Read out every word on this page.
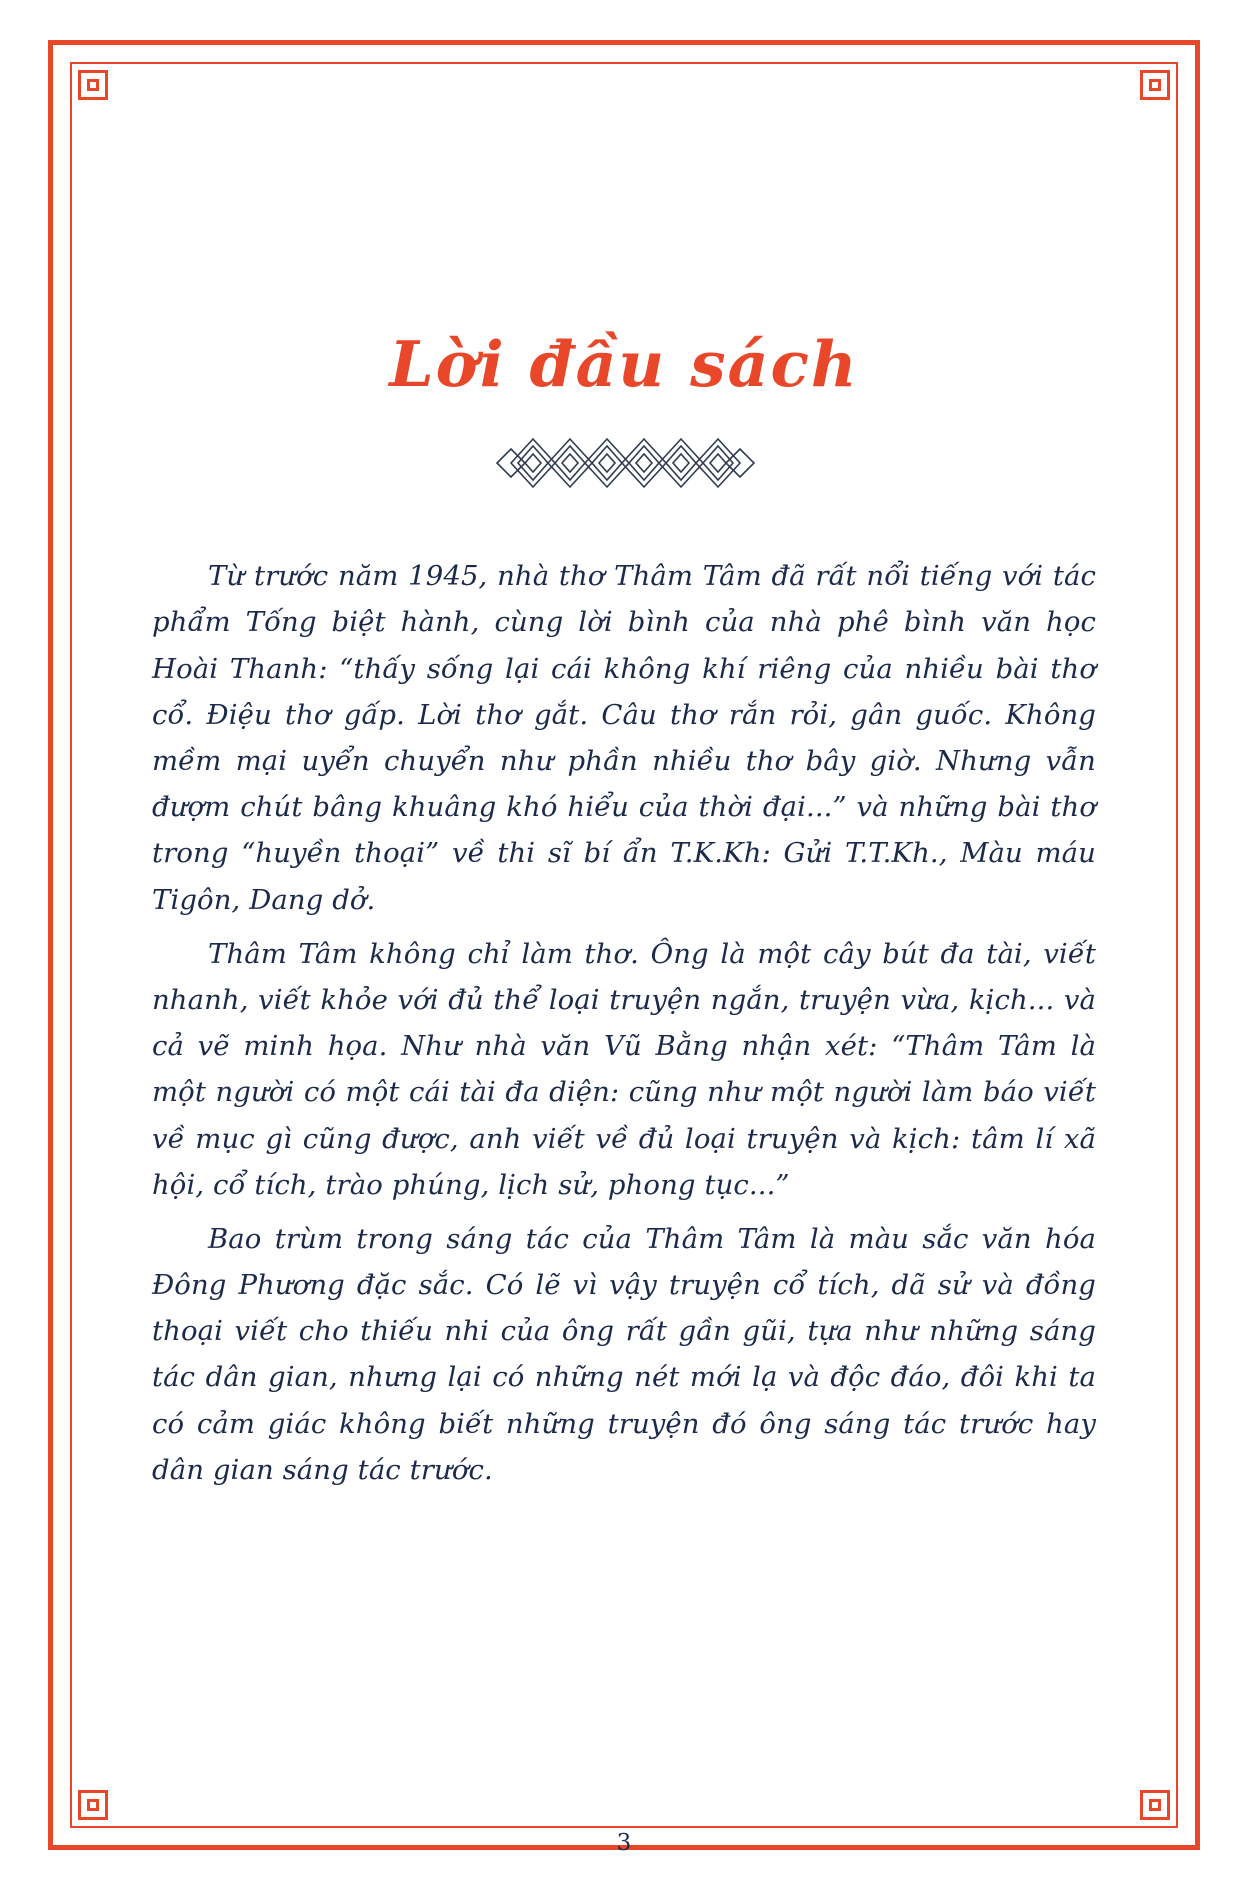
Lời đầu sách

Từ trước năm 1945, nhà thơ Thâm Tâm đã rất nổi tiếng với tác phẩm Tống biệt hành, cùng lời bình của nhà phê bình văn học Hoài Thanh: “thấy sống lại cái không khí riêng của nhiều bài thơ cổ. Điệu thơ gấp. Lời thơ gắt. Câu thơ rắn rỏi, gân guốc. Không mềm mại uyển chuyển như phần nhiều thơ bây giờ. Nhưng vẫn đượm chút bâng khuâng khó hiểu của thời đại...” và những bài thơ trong “huyền thoại” về thi sĩ bí ẩn T.K.Kh: Gửi T.T.Kh., Màu máu Tigôn, Dang dở.

Thâm Tâm không chỉ làm thơ. Ông là một cây bút đa tài, viết nhanh, viết khỏe với đủ thể loại truyện ngắn, truyện vừa, kịch... và cả vẽ minh họa. Như nhà văn Vũ Bằng nhận xét: “Thâm Tâm là một người có một cái tài đa diện: cũng như một người làm báo viết về mục gì cũng được, anh viết về đủ loại truyện và kịch: tâm lí xã hội, cổ tích, trào phúng, lịch sử, phong tục...”

Bao trùm trong sáng tác của Thâm Tâm là màu sắc văn hóa Đông Phương đặc sắc. Có lẽ vì vậy truyện cổ tích, dã sử và đồng thoại viết cho thiếu nhi của ông rất gần gũi, tựa như những sáng tác dân gian, nhưng lại có những nét mới lạ và độc đáo, đôi khi ta có cảm giác không biết những truyện đó ông sáng tác trước hay dân gian sáng tác trước.

3
